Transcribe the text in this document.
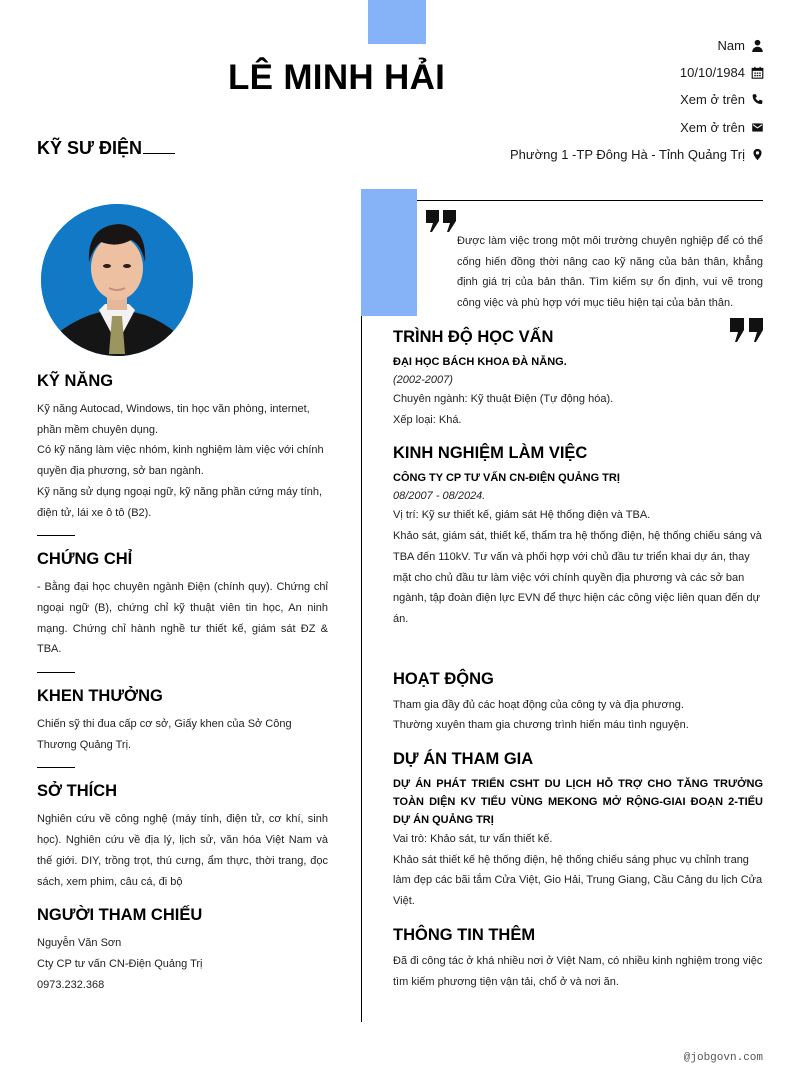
LÊ MINH HẢI
KỸ SƯ ĐIỆN
Nam
10/10/1984
Xem ở trên
Xem ở trên
Phường 1 -TP Đông Hà - Tỉnh Quảng Trị
KỸ NĂNG

Kỹ năng Autocad, Windows, tin học văn phòng, internet, phần mềm chuyên dụng.

Có kỹ năng làm việc nhóm, kinh nghiệm làm việc với chính quyền địa phương, sở ban ngành.

Kỹ năng sử dụng ngoại ngữ, kỹ năng phần cứng máy tính, điện tử, lái xe ô tô (B2).

CHỨNG CHỈ

- Bằng đại học chuyên ngành Điện (chính quy). Chứng chỉ ngoại ngữ (B), chứng chỉ kỹ thuật viên tin học, An ninh mạng. Chứng chỉ hành nghề tư thiết kế, giám sát ĐZ & TBA.

KHEN THƯỞNG

Chiến sỹ thi đua cấp cơ sở, Giấy khen của Sở Công Thương Quảng Trị.

SỞ THÍCH

Nghiên cứu về công nghệ (máy tính, điện tử, cơ khí, sinh học). Nghiên cứu về địa lý, lịch sử, văn hóa Việt Nam và thế giới. DIY, trồng trọt, thú cưng, ẩm thực, thời trang, đọc sách, xem phim, câu cá, đi bộ

NGƯỜI THAM CHIẾU

Nguyễn Văn Sơn

Cty CP tư vấn CN-Điện Quảng Trị

0973.232.368

Được làm việc trong một môi trường chuyên nghiệp để có thể cống hiến đồng thời nâng cao kỹ năng của bản thân, khẳng định giá trị của bản thân. Tìm kiếm sự ổn định, vui vẽ trong công việc và phù hợp với mục tiêu hiện tại của bản thân.

TRÌNH ĐỘ HỌC VẤN

ĐẠI HỌC BÁCH KHOA ĐÀ NẴNG.

(2002-2007)

Chuyên ngành: Kỹ thuật Điện (Tự động hóa).

Xếp loại: Khá.

KINH NGHIỆM LÀM VIỆC

CÔNG TY CP TƯ VẤN CN-ĐIỆN QUẢNG TRỊ

08/2007 - 08/2024.

Vị trí: Kỹ sư thiết kế, giám sát Hệ thống điện và TBA.

Khảo sát, giám sát, thiết kế, thẩm tra hệ thống điện, hệ thống chiếu sáng và TBA đến 110kV. Tư vấn và phối hợp với chủ đầu tư triển khai dự án, thay mặt cho chủ đầu tư làm việc với chính quyền địa phương và các sở ban ngành, tập đoàn điện lực EVN để thực hiện các công việc liên quan đến dự án.

HOẠT ĐỘNG

Tham gia đầy đủ các hoạt động của công ty và địa phương.

Thường xuyên tham gia chương trình hiến máu tình nguyện.

DỰ ÁN THAM GIA

DỰ ÁN PHÁT TRIỂN CSHT DU LỊCH HỖ TRỢ CHO TĂNG TRƯỞNG TOÀN DIỆN KV TIỂU VÙNG MEKONG MỞ RỘNG-GIAI ĐOẠN 2-TIỂU DỰ ÁN QUẢNG TRỊ

Vai trò: Khảo sát, tư vấn thiết kế.

Khảo sát thiết kế hệ thống điện, hệ thống chiếu sáng phục vụ chỉnh trang làm đẹp các bãi tắm Cửa Việt, Gio Hải, Trung Giang, Cầu Cảng du lịch Cửa Việt.

THÔNG TIN THÊM

Đã đi công tác ở khá nhiều nơi ở Việt Nam, có nhiều kinh nghiệm trong việc tìm kiếm phương tiện vận tải, chổ ở và nơi ăn.

@jobgovn.com
